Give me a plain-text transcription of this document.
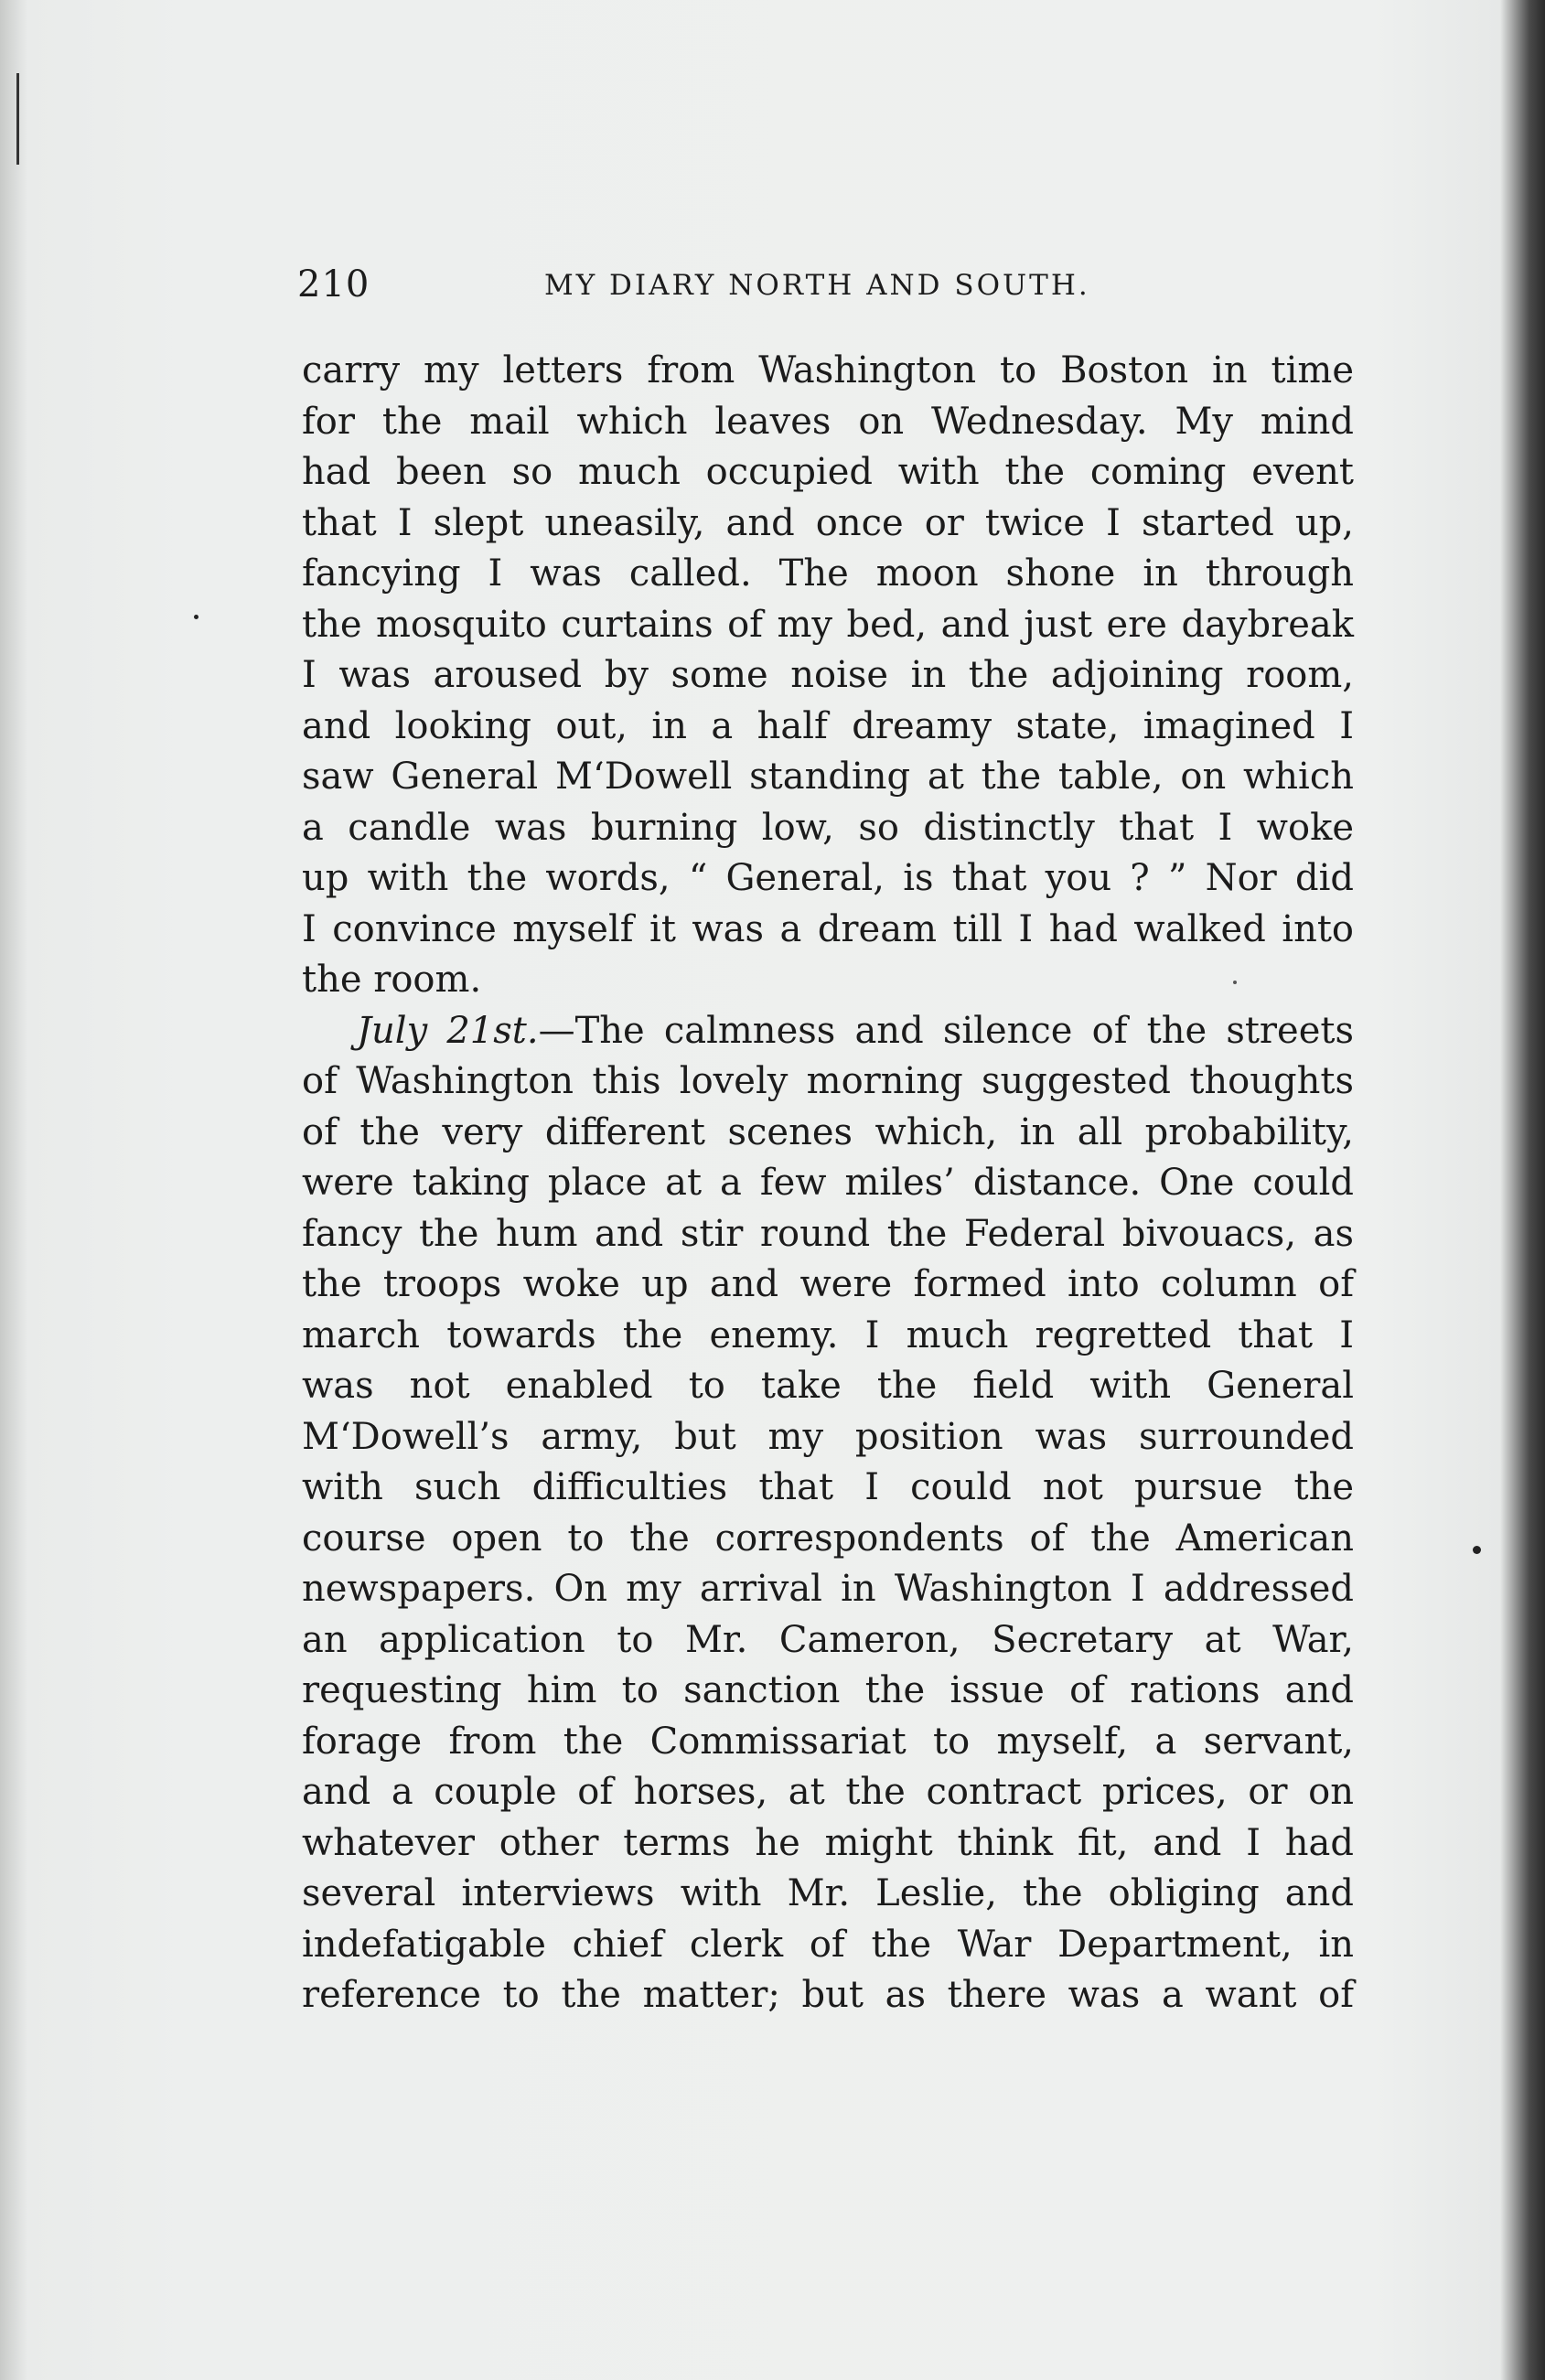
210	MY DIARY NORTH AND SOUTH.
carry my letters from Washington to Boston in time
for the mail which leaves on Wednesday. My mind
had been so much occupied with the coming event
that I slept uneasily, and once or twice I started up,
fancying I was called. The moon shone in through
the mosquito curtains of my bed, and just ere daybreak
I was aroused by some noise in the adjoining room,
and looking out, in a half dreamy state, imagined I
saw General M‘Dowell standing at the table, on which
a candle was burning low, so distinctly that I woke
up with the words, “ General, is that you ? ” Nor did
I convince myself it was a dream till I had walked into
the room.
July 21st.—The calmness and silence of the streets
of Washington this lovely morning suggested thoughts
of the very different scenes which, in all probability,
were taking place at a few miles’ distance. One could
fancy the hum and stir round the Federal bivouacs, as
the troops woke up and were formed into column of
march towards the enemy. I much regretted that I
was not enabled to take the field with General
M‘Dowell’s army, but my position was surrounded
with such difficulties that I could not pursue the
course open to the correspondents of the American
newspapers. On my arrival in Washington I addressed
an application to Mr. Cameron, Secretary at War,
requesting him to sanction the issue of rations and
forage from the Commissariat to myself, a servant,
and a couple of horses, at the contract prices, or on
whatever other terms he might think fit, and I had
several interviews with Mr. Leslie, the obliging and
indefatigable chief clerk of the War Department, in
reference to the matter; but as there was a want of
